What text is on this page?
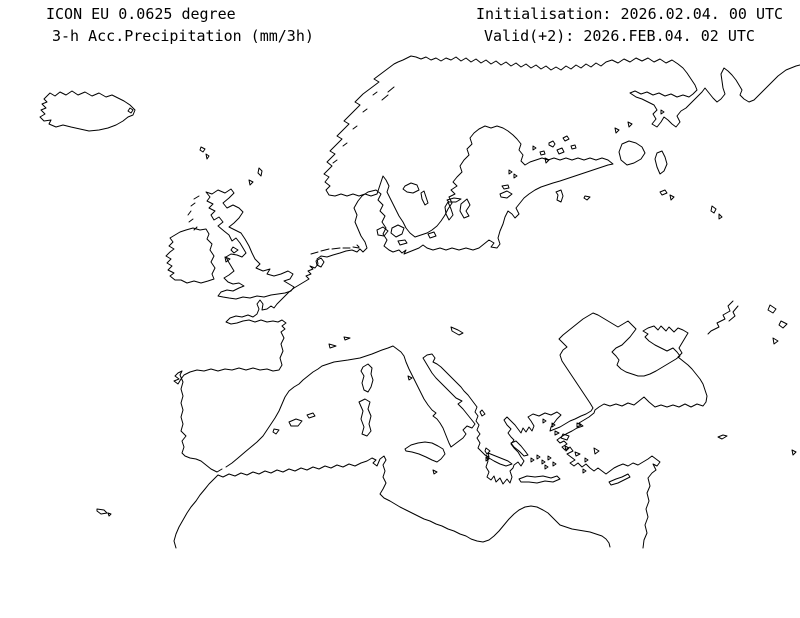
ICON EU 0.0625 degree
3-h Acc.Precipitation (mm/3h)
Initialisation: 2026.02.04. 00 UTC
Valid(+2): 2026.FEB.04. 02 UTC
